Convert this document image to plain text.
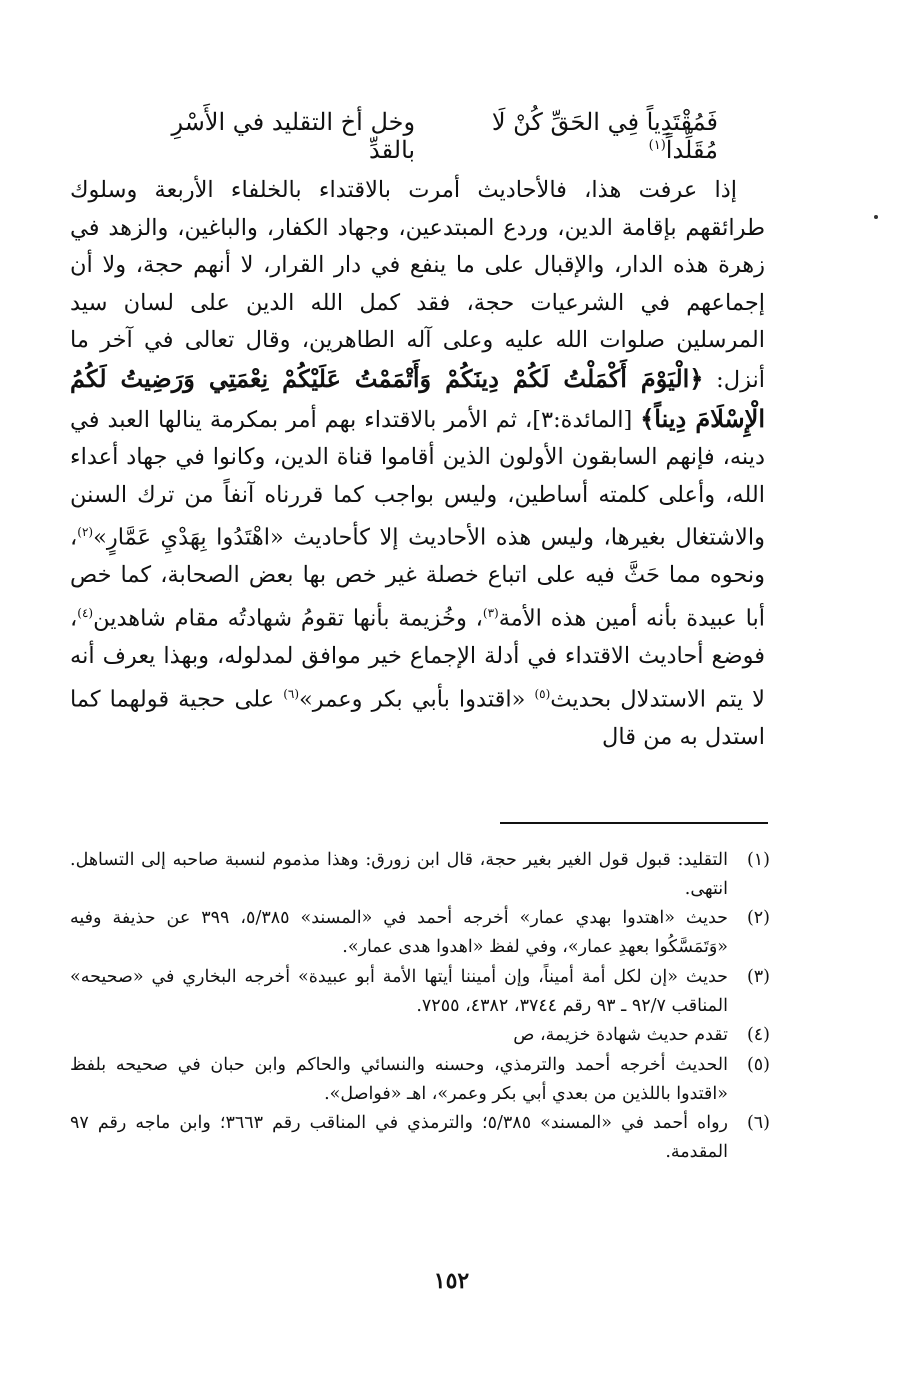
فَمُقْتَدِياً فِي الحَقِّ كُنْ لَا مُقَلِّداً$^{(١)}$
وخل أخ التقليد في الأَسْرِ بالقدِّ

إذا عرفت هذا، فالأحاديث أمرت بالاقتداء بالخلفاء الأربعة وسلوك طرائقهم بإقامة الدين، وردع المبتدعين، وجهاد الكفار، والباغين، والزهد في زهرة هذه الدار، والإقبال على ما ينفع في دار القرار، لا أنهم حجة، ولا أن إجماعهم في الشرعيات حجة، فقد كمل الله الدين على لسان سيد المرسلين صلوات الله عليه وعلى آله الطاهرين، وقال تعالى في آخر ما أنزل: ﴿الْيَوْمَ أَكْمَلْتُ لَكُمْ دِينَكُمْ وَأَتْمَمْتُ عَلَيْكُمْ نِعْمَتِي وَرَضِيتُ لَكُمُ الْإِسْلَامَ دِيناً﴾ [المائدة:٣]، ثم الأمر بالاقتداء بهم أمر بمكرمة ينالها العبد في دينه، فإنهم السابقون الأولون الذين أقاموا قناة الدين، وكانوا في جهاد أعداء الله، وأعلى كلمته أساطين، وليس بواجب كما قررناه آنفاً من ترك السنن والاشتغال بغيرها، وليس هذه الأحاديث إلا كأحاديث «اهْتَدُوا بِهَدْيِ عَمَّارٍ»$^{(٢)}$، ونحوه مما حَثَّ فيه على اتباع خصلة غير خص بها بعض الصحابة، كما خص أبا عبيدة بأنه أمين هذه الأمة$^{(٣)}$، وخُزيمة بأنها تقومُ شهادتُه مقام شاهدين$^{(٤)}$، فوضع أحاديث الاقتداء في أدلة الإجماع خير موافق لمدلوله، وبهذا يعرف أنه لا يتم الاستدلال بحديث$^{(٥)}$ «اقتدوا بأبي بكر وعمر»$^{(٦)}$ على حجية قولهما كما استدل به من قال

(١)
التقليد: قبول قول الغير بغير حجة، قال ابن زورق: وهذا مذموم لنسبة صاحبه إلى التساهل. انتهى.
(٢)
حديث «اهتدوا بهدي عمار» أخرجه أحمد في «المسند» ٥/٣٨٥، ٣٩٩ عن حذيفة وفيه «وَتَمَسَّكُوا بعهدِ عمار»، وفي لفظ «اهدوا هدى عمار».
(٣)
حديث «إن لكل أمة أميناً، وإن أميننا أيتها الأمة أبو عبيدة» أخرجه البخاري في «صحيحه» المناقب ٩٢/٧ ـ ٩٣ رقم ٣٧٤٤، ٤٣٨٢، ٧٢٥٥.
(٤)
تقدم حديث شهادة خزيمة، ص
(٥)
الحديث أخرجه أحمد والترمذي، وحسنه والنسائي والحاكم وابن حبان في صحيحه بلفظ «اقتدوا باللذين من بعدي أبي بكر وعمر»، اهـ «فواصل».
(٦)
رواه أحمد في «المسند» ٥/٣٨٥؛ والترمذي في المناقب رقم ٣٦٦٣؛ وابن ماجه رقم ٩٧ المقدمة.
١٥٢
